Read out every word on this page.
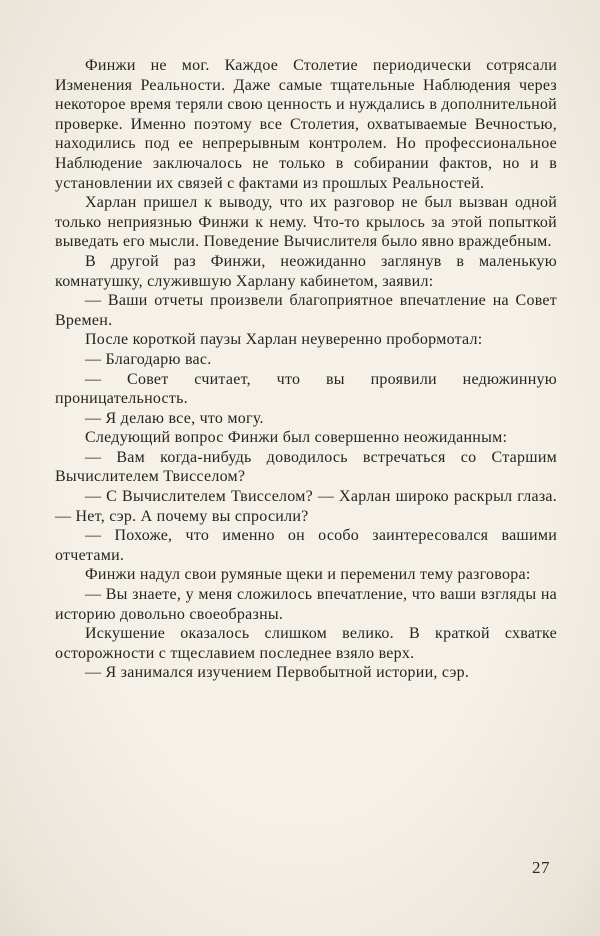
Финжи не мог. Каждое Столетие периодически сотрясали Изменения Реальности. Даже самые тщательные Наблюдения через некоторое время теряли свою ценность и нуждались в дополнительной проверке. Именно поэтому все Столетия, охватываемые Вечностью, находились под ее непрерывным контролем. Но профессиональное Наблюдение заключалось не только в собирании фактов, но и в установлении их связей с фактами из прошлых Реальностей.

Харлан пришел к выводу, что их разговор не был вызван одной только неприязнью Финжи к нему. Что-то крылось за этой попыткой выведать его мысли. Поведение Вычислителя было явно враждебным.

В другой раз Финжи, неожиданно заглянув в маленькую комнатушку, служившую Харлану кабинетом, заявил:

— Ваши отчеты произвели благоприятное впечатление на Совет Времен.

После короткой паузы Харлан неуверенно пробормотал:

— Благодарю вас.

— Совет считает, что вы проявили недюжинную проницательность.

— Я делаю все, что могу.

Следующий вопрос Финжи был совершенно неожиданным:

— Вам когда-нибудь доводилось встречаться со Старшим Вычислителем Твисселом?

— С Вычислителем Твисселом? — Харлан широко раскрыл глаза. — Нет, сэр. А почему вы спросили?

— Похоже, что именно он особо заинтересовался вашими отчетами.

Финжи надул свои румяные щеки и переменил тему разговора:

— Вы знаете, у меня сложилось впечатление, что ваши взгляды на историю довольно своеобразны.

Искушение оказалось слишком велико. В краткой схватке осторожности с тщеславием последнее взяло верх.

— Я занимался изучением Первобытной истории, сэр.

27
